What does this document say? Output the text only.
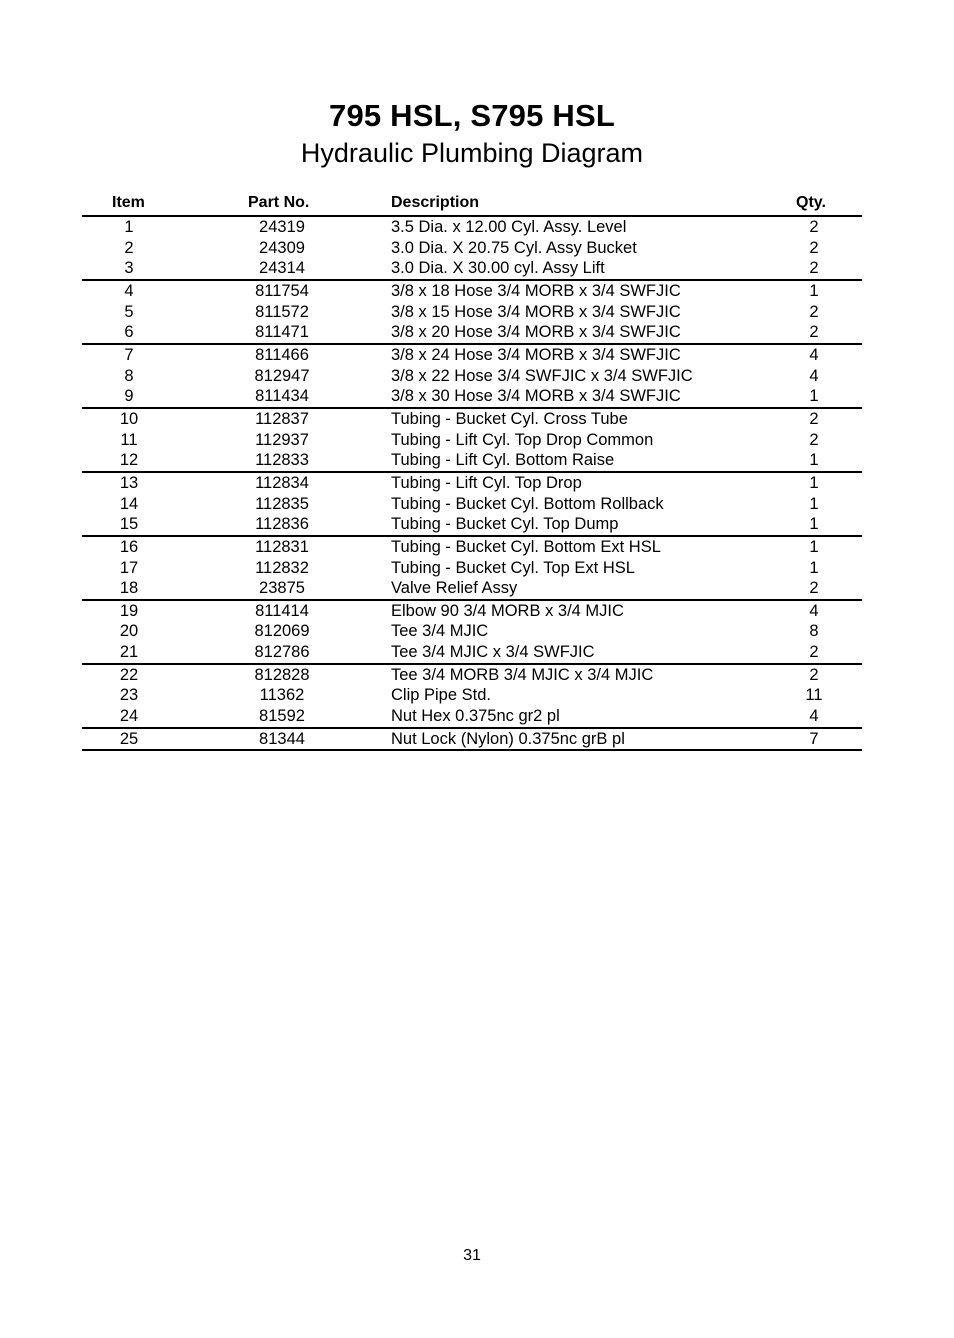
795 HSL, S795 HSL
Hydraulic Plumbing Diagram
Item	Part No.	Description	Qty.
1	24319	3.5 Dia. x 12.00 Cyl. Assy. Level	2
2	24309	3.0 Dia. X 20.75 Cyl. Assy Bucket	2
3	24314	3.0 Dia. X 30.00 cyl. Assy Lift	2
4	811754	3/8 x 18 Hose 3/4 MORB x 3/4 SWFJIC	1
5	811572	3/8 x 15 Hose 3/4 MORB x 3/4 SWFJIC	2
6	811471	3/8 x 20 Hose 3/4 MORB x 3/4 SWFJIC	2
7	811466	3/8 x 24 Hose 3/4 MORB x 3/4 SWFJIC	4
8	812947	3/8 x 22 Hose 3/4 SWFJIC x 3/4 SWFJIC	4
9	811434	3/8 x 30 Hose 3/4 MORB x 3/4 SWFJIC	1
10	112837	Tubing - Bucket Cyl. Cross Tube	2
11	112937	Tubing - Lift Cyl. Top Drop Common	2
12	112833	Tubing - Lift Cyl. Bottom Raise	1
13	112834	Tubing - Lift Cyl. Top Drop	1
14	112835	Tubing - Bucket Cyl. Bottom Rollback	1
15	112836	Tubing - Bucket Cyl. Top Dump	1
16	112831	Tubing - Bucket Cyl. Bottom Ext HSL	1
17	112832	Tubing - Bucket Cyl. Top Ext HSL	1
18	23875	Valve Relief Assy	2
19	811414	Elbow 90 3/4 MORB x 3/4 MJIC	4
20	812069	Tee 3/4 MJIC	8
21	812786	Tee 3/4 MJIC x 3/4 SWFJIC	2
22	812828	Tee 3/4 MORB 3/4 MJIC x 3/4 MJIC	2
23	11362	Clip Pipe Std.	11
24	81592	Nut Hex 0.375nc gr2 pl	4
25	81344	Nut Lock (Nylon) 0.375nc grB pl	7
31
